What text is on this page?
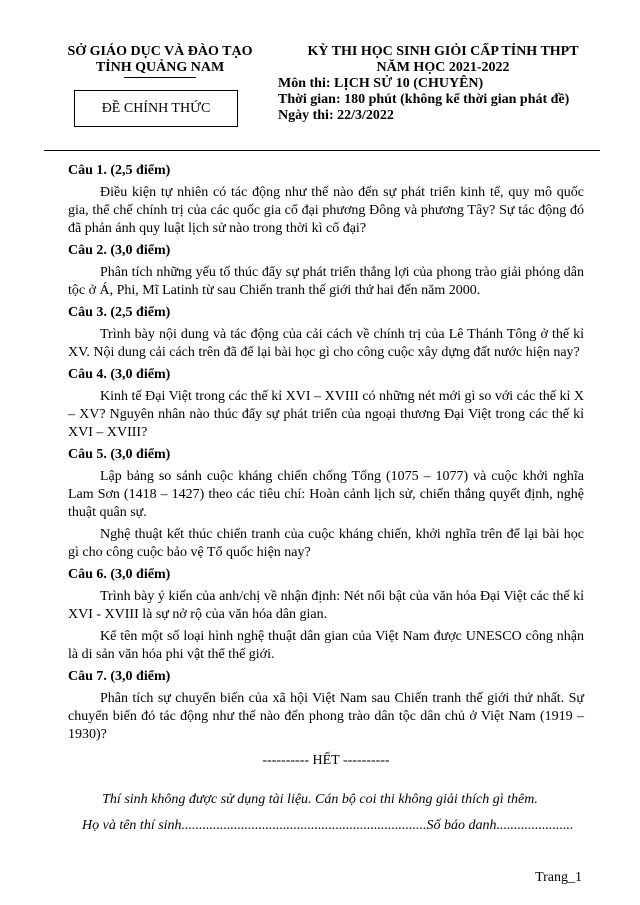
SỞ GIÁO DỤC VÀ ĐÀO TẠO
TỈNH QUẢNG NAM
ĐỀ CHÍNH THỨC
KỲ THI HỌC SINH GIỎI CẤP TỈNH THPT
NĂM HỌC 2021-2022
Môn thi: LỊCH SỬ 10 (CHUYÊN)
Thời gian: 180 phút (không kể thời gian phát đề)
Ngày thi: 22/3/2022
Câu 1. (2,5 điểm)

Điều kiện tự nhiên có tác động như thế nào đến sự phát triển kinh tế, quy mô quốc gia, thể chế chính trị của các quốc gia cổ đại phương Đông và phương Tây? Sự tác động đó đã phản ánh quy luật lịch sử nào trong thời kì cổ đại?

Câu 2. (3,0 điểm)

Phân tích những yếu tố thúc đẩy sự phát triển thắng lợi của phong trào giải phóng dân tộc ở Á, Phi, Mĩ Latinh từ sau Chiến tranh thế giới thứ hai đến năm 2000.

Câu 3. (2,5 điểm)

Trình bày nội dung và tác động của cải cách về chính trị của Lê Thánh Tông ở thế kỉ XV. Nội dung cải cách trên đã để lại bài học gì cho công cuộc xây dựng đất nước hiện nay?

Câu 4. (3,0 điểm)

Kinh tế Đại Việt trong các thế kỉ XVI – XVIII có những nét mới gì so với các thế kỉ X – XV? Nguyên nhân nào thúc đẩy sự phát triển của ngoại thương Đại Việt trong các thế kỉ XVI – XVIII?

Câu 5. (3,0 điểm)

Lập bảng so sánh cuộc kháng chiến chống Tống (1075 – 1077) và cuộc khởi nghĩa Lam Sơn (1418 – 1427) theo các tiêu chí: Hoàn cảnh lịch sử, chiến thắng quyết định, nghệ thuật quân sự.

Nghệ thuật kết thúc chiến tranh của cuộc kháng chiến, khởi nghĩa trên để lại bài học gì cho công cuộc bảo vệ Tổ quốc hiện nay?

Câu 6. (3,0 điểm)

Trình bày ý kiến của anh/chị về nhận định: Nét nổi bật của văn hóa Đại Việt các thế kỉ XVI - XVIII là sự nở rộ của văn hóa dân gian.

Kể tên một số loại hình nghệ thuật dân gian của Việt Nam được UNESCO công nhận là di sản văn hóa phi vật thể thế giới.

Câu 7. (3,0 điểm)

Phân tích sự chuyển biến của xã hội Việt Nam sau Chiến tranh thế giới thứ nhất. Sự chuyển biến đó tác động như thế nào đến phong trào dân tộc dân chủ ở Việt Nam (1919 – 1930)?

---------- HẾT ----------
Thí sinh không được sử dụng tài liệu. Cán bộ coi thi không giải thích gì thêm.
Họ và tên thí sinh......................................................................Số báo danh......................
Trang_1
